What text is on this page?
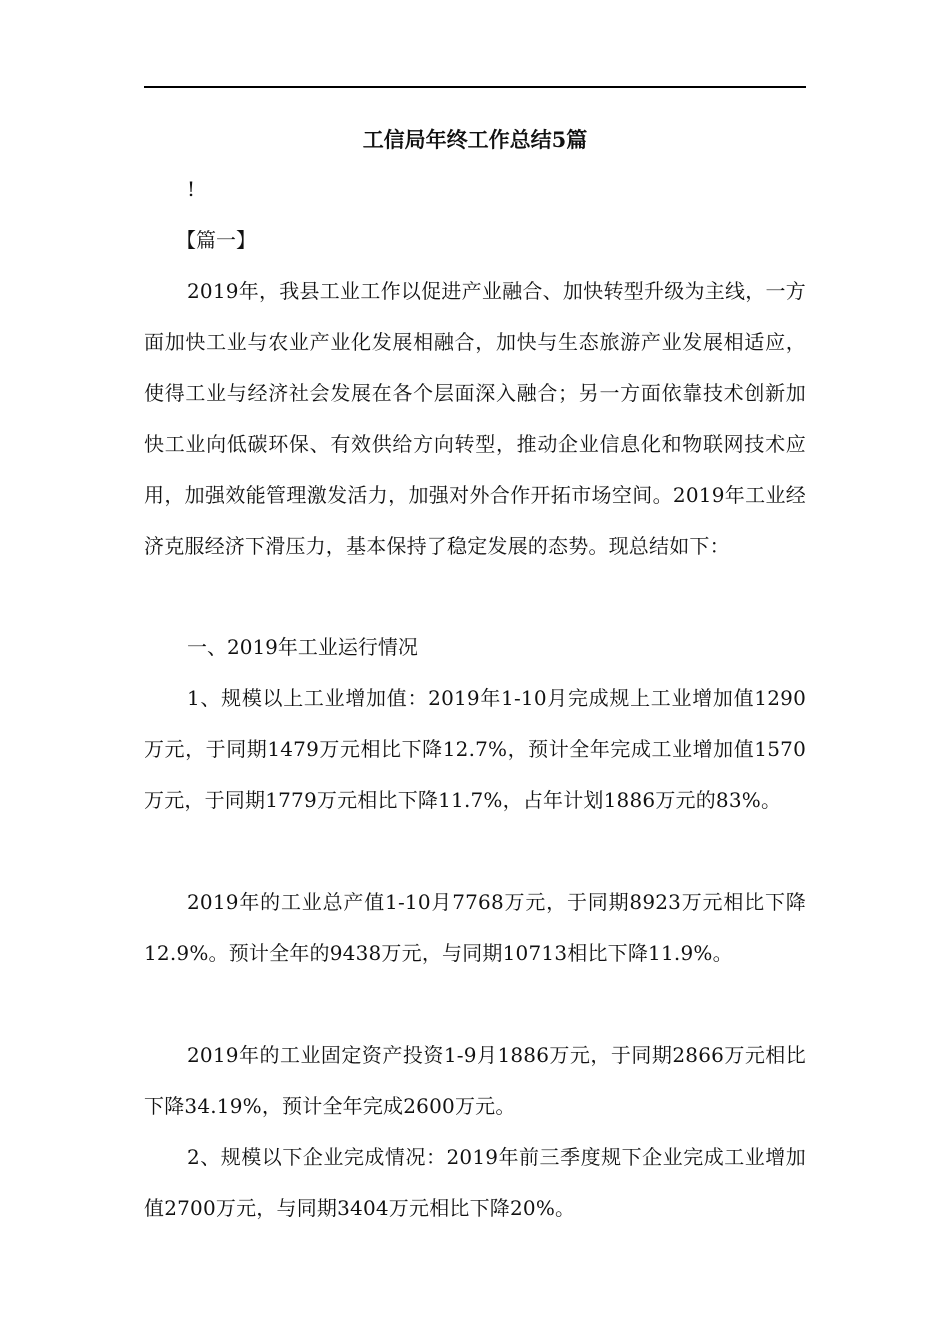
工信局年终工作总结5篇

!

【篇一】

2019年，我县工业工作以促进产业融合、加快转型升级为主线，一方面加快工业与农业产业化发展相融合，加快与生态旅游产业发展相适应，使得工业与经济社会发展在各个层面深入融合；另一方面依靠技术创新加快工业向低碳环保、有效供给方向转型，推动企业信息化和物联网技术应用，加强效能管理激发活力，加强对外合作开拓市场空间。2019年工业经济克服经济下滑压力，基本保持了稳定发展的态势。现总结如下：

一、2019年工业运行情况

1、规模以上工业增加值：2019年1-10月完成规上工业增加值1290万元，于同期1479万元相比下降12.7%，预计全年完成工业增加值1570万元，于同期1779万元相比下降11.7%，占年计划1886万元的83%。

2019年的工业总产值1-10月7768万元，于同期8923万元相比下降12.9%。预计全年的9438万元，与同期10713相比下降11.9%。

2019年的工业固定资产投资1-9月1886万元，于同期2866万元相比下降34.19%，预计全年完成2600万元。

2、规模以下企业完成情况：2019年前三季度规下企业完成工业增加值2700万元，与同期3404万元相比下降20%。
